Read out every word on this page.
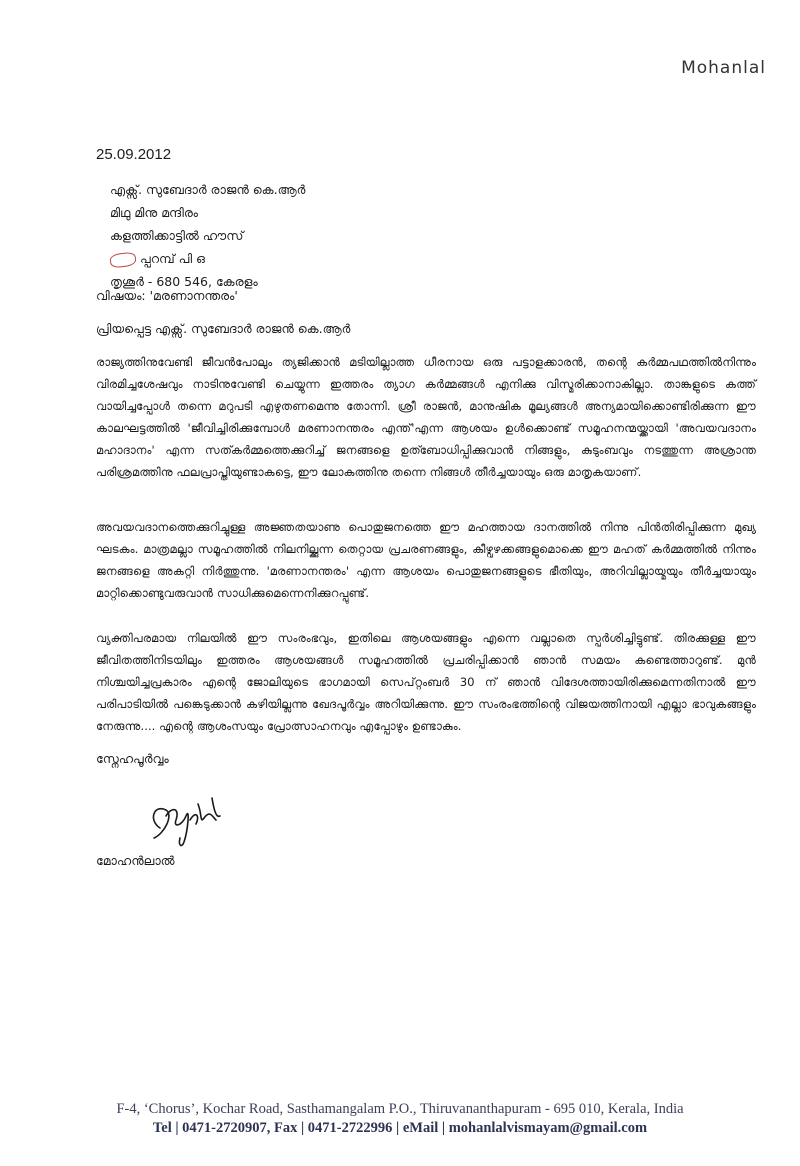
Mohanlal
25.09.2012
എക്സ്. സുബേദാർ രാജൻ കെ.ആർ
മിഥു മിനു മന്ദിരം
കളത്തിക്കാട്ടിൽ ഹൗസ്
പ്പറമ്പ് പി ഒ
തൃശൂർ - 680 546, കേരളം
വിഷയം: 'മരണാനന്തരം'
പ്രിയപ്പെട്ട എക്സ്. സുബേദാർ രാജൻ കെ.ആർ
രാജ്യത്തിനുവേണ്ടി ജീവൻപോലും ത്യജിക്കാൻ മടിയില്ലാത്ത ധീരനായ ഒരു പട്ടാളക്കാരൻ, തന്റെ കർമ്മപഥത്തിൽനിന്നും വിരമിച്ചശേഷവും നാടിനുവേണ്ടി ചെയ്യുന്ന ഇത്തരം ത്യാഗ കർമ്മങ്ങൾ എനിക്കു വിസ്മരിക്കാനാകില്ലാ. താങ്കളുടെ കത്ത് വായിച്ചപ്പോൾ തന്നെ മറുപടി എഴുതണമെന്നു തോന്നി. ശ്രീ രാജൻ, മാനുഷിക മൂല്യങ്ങൾ അന്യമായിക്കൊണ്ടിരിക്കുന്ന ഈ കാലഘട്ടത്തിൽ 'ജീവിച്ചിരിക്കുമ്പോൾ മരണാനന്തരം എന്ത്'എന്ന ആശയം ഉൾക്കൊണ്ട് സമൂഹനന്മയ്ക്കായി 'അവയവദാനം മഹാദാനം' എന്ന സത്കർമ്മത്തെക്കുറിച്ച് ജനങ്ങളെ ഉത്ബോധിപ്പിക്കുവാൻ നിങ്ങളും, കുടുംബവും നടത്തുന്ന അശ്രാന്ത പരിശ്രമത്തിനു ഫലപ്രാപ്തിയുണ്ടാകട്ടെ, ഈ ലോകത്തിനു തന്നെ നിങ്ങൾ തീർച്ചയായും ഒരു മാതൃകയാണ്.
അവയവദാനത്തെക്കുറിച്ചുള്ള അജ്ഞതയാണു പൊതുജനത്തെ ഈ മഹത്തായ ദാനത്തിൽ നിന്നു പിൻതിരിപ്പിക്കുന്ന മുഖ്യ ഘടകം. മാത്രമല്ലാ സമൂഹത്തിൽ നിലനില്ക്കുന്ന തെറ്റായ പ്രചരണങ്ങളും, കീഴ്വഴക്കങ്ങളുമൊക്കെ ഈ മഹത് കർമ്മത്തിൽ നിന്നും ജനങ്ങളെ അകറ്റി നിർത്തുന്നു. 'മരണാനന്തരം' എന്ന ആശയം പൊതുജനങ്ങളുടെ ഭീതിയും, അറിവില്ലായ്മയും തീർച്ചയായും മാറ്റിക്കൊണ്ടുവരുവാൻ സാധിക്കുമെന്നെനിക്കുറപ്പുണ്ട്.
വ്യക്തിപരമായ നിലയിൽ ഈ സംരംഭവും, ഇതിലെ ആശയങ്ങളും എന്നെ വല്ലാതെ സ്പർശിച്ചിട്ടുണ്ട്. തിരക്കുള്ള ഈ ജീവിതത്തിനിടയിലും ഇത്തരം ആശയങ്ങൾ സമൂഹത്തിൽ പ്രചരിപ്പിക്കാൻ ഞാൻ സമയം കണ്ടെത്താറുണ്ട്. മുൻ നിശ്ചയിച്ചപ്രകാരം എന്റെ ജോലിയുടെ ഭാഗമായി സെപ്റ്റംബർ 30 ന് ഞാൻ വിദേശത്തായിരിക്കുമെന്നതിനാൽ ഈ പരിപാടിയിൽ പങ്കെടുക്കാൻ കഴിയില്ലന്നു ഖേദപൂർവ്വം അറിയിക്കുന്നു. ഈ സംരംഭത്തിന്റെ വിജയത്തിനായി എല്ലാ ഭാവുകങ്ങളും നേരുന്നു.... എന്റെ ആശംസയും പ്രോത്സാഹനവും എപ്പോഴും ഉണ്ടാകും.
സ്നേഹപൂർവ്വം
മോഹൻലാൽ
F-4, ‘Chorus’, Kochar Road, Sasthamangalam P.O., Thiruvananthapuram - 695 010, Kerala, India
Tel | 0471-2720907, Fax | 0471-2722996 | eMail | mohanlalvismayam@gmail.com
